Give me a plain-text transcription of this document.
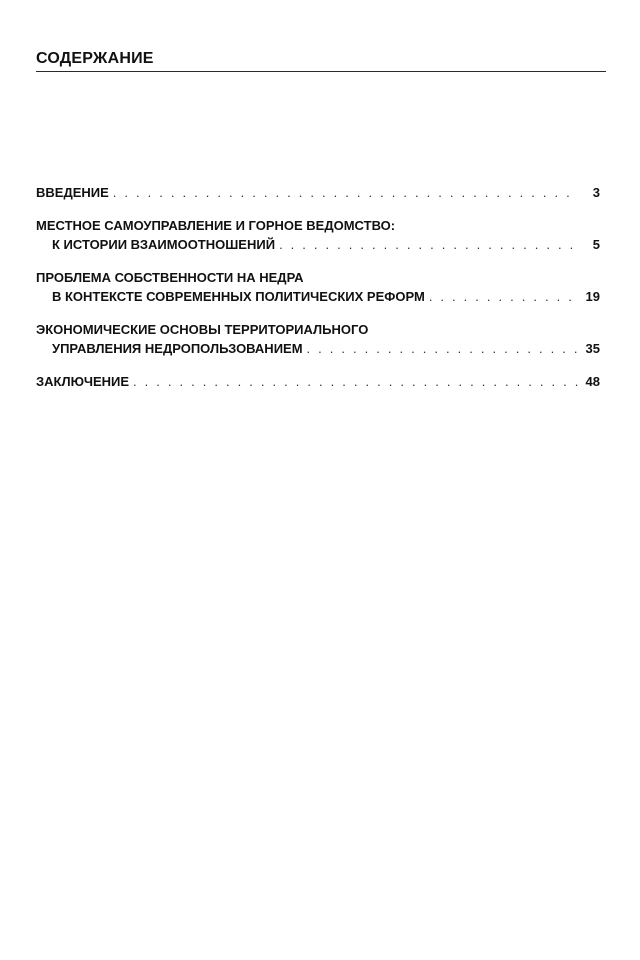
СОДЕРЖАНИЕ
ВВЕДЕНИЕ . . .	3
МЕСТНОЕ САМОУПРАВЛЕНИЕ И ГОРНОЕ ВЕДОМСТВО:
К ИСТОРИИ ВЗАИМООТНОШЕНИЙ . . .	5
ПРОБЛЕМА СОБСТВЕННОСТИ НА НЕДРА
В КОНТЕКСТЕ СОВРЕМЕННЫХ ПОЛИТИЧЕСКИХ РЕФОРМ . . .	19
ЭКОНОМИЧЕСКИЕ ОСНОВЫ ТЕРРИТОРИАЛЬНОГО
УПРАВЛЕНИЯ НЕДРОПОЛЬЗОВАНИЕМ . . .	35
ЗАКЛЮЧЕНИЕ . . .	48
